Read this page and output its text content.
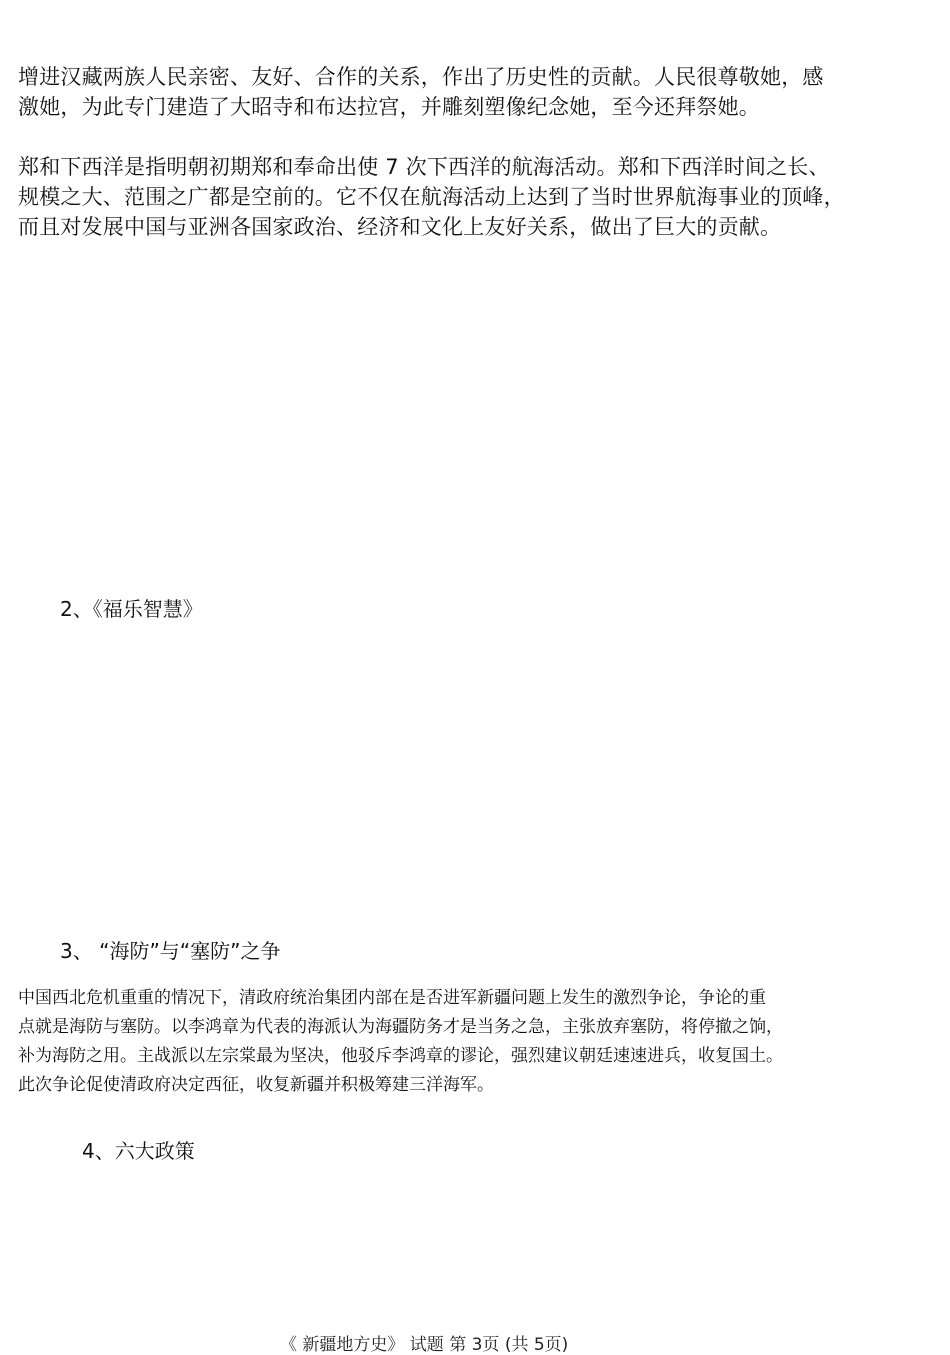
增进汉藏两族人民亲密、友好、合作的关系，作出了历史性的贡献。人民很尊敬她，感
激她，为此专门建造了大昭寺和布达拉宫，并雕刻塑像纪念她，至今还拜祭她。

郑和下西洋是指明朝初期郑和奉命出使 7 次下西洋的航海活动。郑和下西洋时间之长、
规模之大、范围之广都是空前的。它不仅在航海活动上达到了当时世界航海事业的顶峰，
而且对发展中国与亚洲各国家政治、经济和文化上友好关系，做出了巨大的贡献。

2、《福乐智慧》
3、 “海防”与“塞防”之争

中国西北危机重重的情况下，清政府统治集团内部在是否进军新疆问题上发生的激烈争论，争论的重
点就是海防与塞防。以李鸿章为代表的海派认为海疆防务才是当务之急，主张放弃塞防，将停撤之饷，
补为海防之用。主战派以左宗棠最为坚决，他驳斥李鸿章的谬论，强烈建议朝廷速速进兵，收复国土。
此次争论促使清政府决定西征，收复新疆并积极筹建三洋海军。

4、六大政策
《 新疆地方史》 试题 第 3页 (共 5页)
